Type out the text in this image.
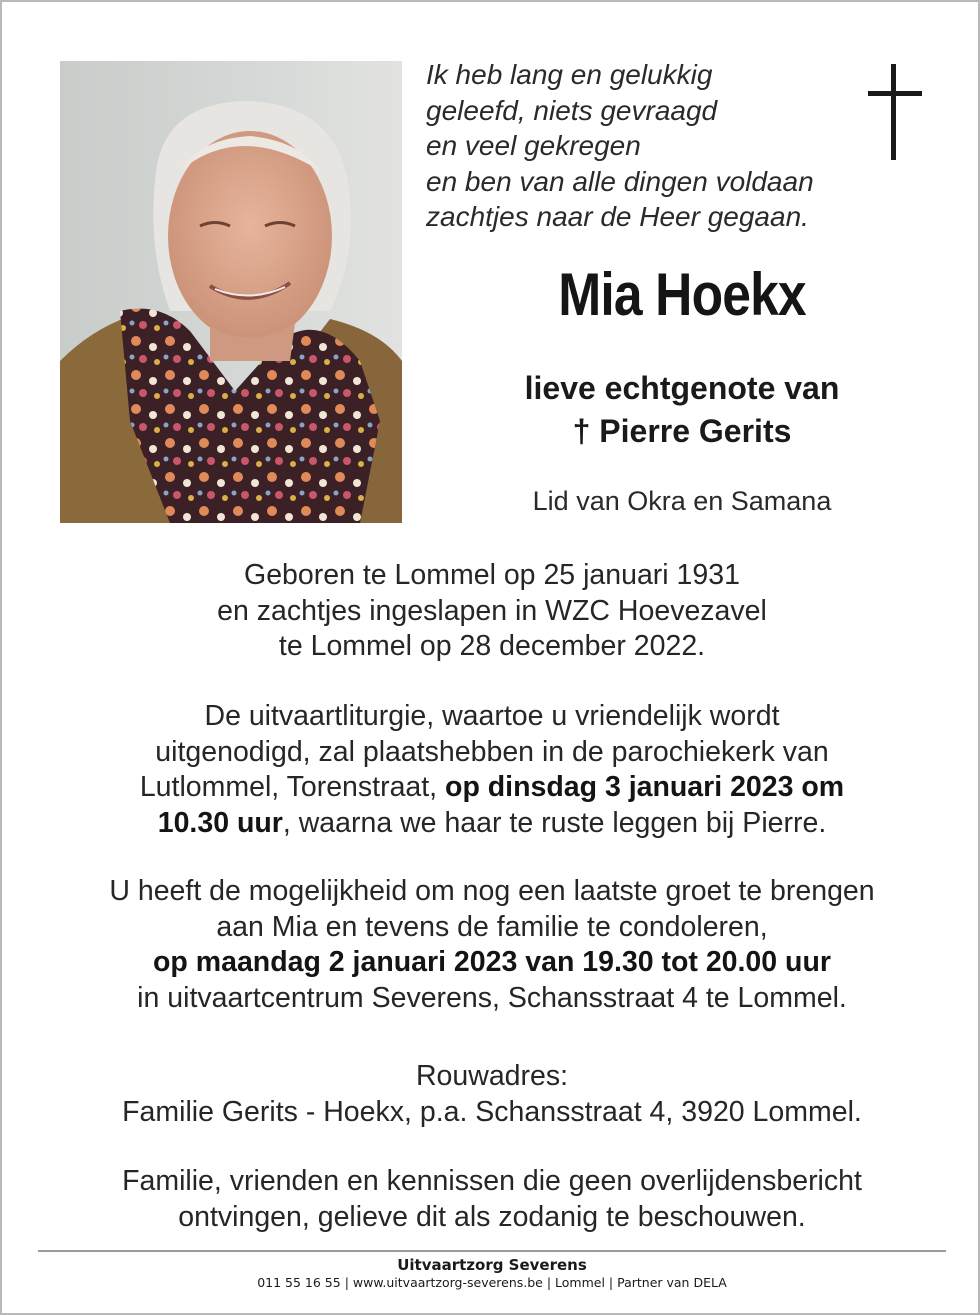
Ik heb lang en gelukkig
geleefd, niets gevraagd
en veel gekregen
en ben van alle dingen voldaan
zachtjes naar de Heer gegaan.
Mia Hoekx
lieve echtgenote van
† Pierre Gerits
Lid van Okra en Samana
Geboren te Lommel op 25 januari 1931
en zachtjes ingeslapen in WZC Hoevezavel
te Lommel op 28 december 2022.
De uitvaartliturgie, waartoe u vriendelijk wordt
uitgenodigd, zal plaatshebben in de parochiekerk van
Lutlommel, Torenstraat, op dinsdag 3 januari 2023 om
10.30 uur, waarna we haar te ruste leggen bij Pierre.
U heeft de mogelijkheid om nog een laatste groet te brengen
aan Mia en tevens de familie te condoleren,
op maandag 2 januari 2023 van 19.30 tot 20.00 uur
in uitvaartcentrum Severens, Schansstraat 4 te Lommel.
Rouwadres:
Familie Gerits - Hoekx, p.a. Schansstraat 4, 3920 Lommel.
Familie, vrienden en kennissen die geen overlijdensbericht
ontvingen, gelieve dit als zodanig te beschouwen.
Uitvaartzorg Severens
011 55 16 55 | www.uitvaartzorg-severens.be | Lommel | Partner van DELA
